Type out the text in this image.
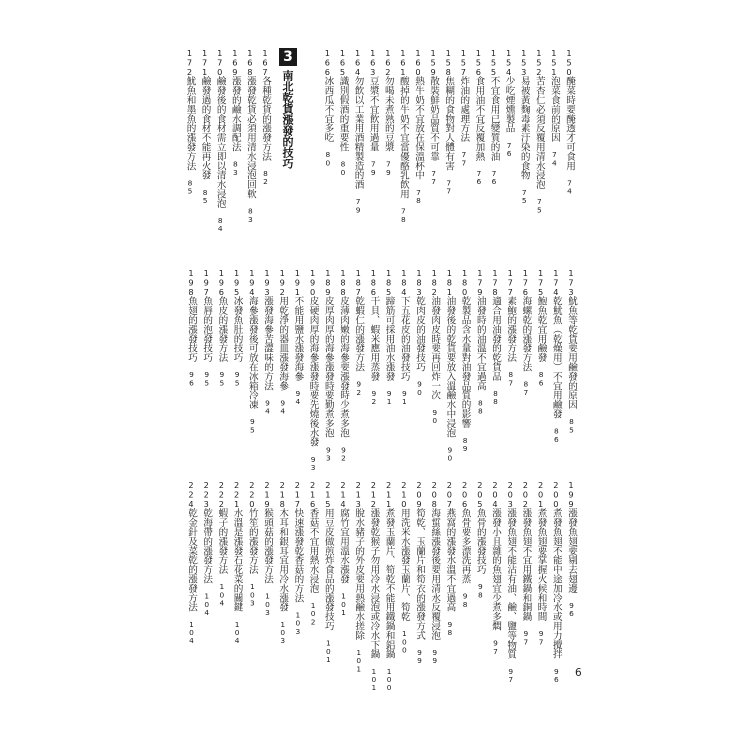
3
南北乾貨漲發的技巧
150醃菜時要醃透才可食用 74
151泡菜食前的原因 74
152苦杏仁必須反覆用清水浸泡 75
153易被黃麴毒素汙染的食物 75
154少吃煙燻製品 76
155不宜食用已變質的油 76
156食用油不宜反覆加熱 76
157炸油的處理方法 77
158焦糊的食物對人體有害 77
159散裝鮮奶品質不可靠 77
160熱牛奶不宜放在保溫杯中 78
161酸掉的牛奶不宜當優酪乳飲用 78
162勿喝未煮熟的豆漿 79
163豆漿不宜飲用過量 79
164勿飲以工業用酒精製造的酒 79
165識別假酒的重要性 80
166冰西瓜不宜多吃 80
167各種乾貨的漲發方法 82
168漲發乾貨必須用清水浸泡回軟 83
169漲發的鹼水調配法 83
170鹼發後的食材需立即以清水浸泡 84
171鹼發過的食材不能再火發 85
172魷魚和墨魚的漲發方法 85
173魷魚等乾貨要用鹼發的原因 85
174乾魷魚（乾燥用）不宜用鹼發 86
175鮑魚乾宜用鹼發 86
176海螺乾的漲發方法 87
177素鮑的漲發方法 87
178適合用油發的乾貨品 88
179油發時的油溫不宜過高 88
180乾製品含水量對油發品質的影響 89
181油發後的乾貨要放入溫鹼水中浸泡 90
182油發肉皮時要再回炸一次 90
183乾肉皮的油發技巧 90
184下五花皮的油發技巧 91
185蹄筋可採用油水漲發 91
186干貝、蝦米應用蒸發 92
187乾蝦仁的漲發方法 92
188皮薄肉嫩的海參要漲發時少煮多泡 92
189皮厚肉厚的海參漲發時要勤煮多泡 93
190皮硬肉厚的海參漲發時要先燒後水發 93
191不能用鹽水漲發海參 94
192用乾淨的器皿漲發海參 94
193漲發海參苦澀味的方法 94
194海參漲發後可放在冰箱冷凍 95
195冰發魚肚的技巧 95
196魚皮的漲發方法 95
197魚唇的泡發技巧 95
198魚翅的漲發技巧 96
199漲發魚翅要剔去翅邊 96
200煮發魚翅不能中途加冷水或用力攪拌 96
201煮發魚翅要掌握火候和時間 97
202漲發魚翅不宜用鐵鍋和銅鍋 97
203漲發魚翅不能沾有油、鹼、鹽等物質 97
204漲發小且雜的魚翅宜少煮多燜 97
205魚骨的漲發技巧 98
206魚骨要多漂洗再蒸 98
207燕窩的漲發水溫不宜過高 98
208海蜇絲漲發後要用清水反覆浸泡 99
209筍乾、玉蘭片和筍衣的漲發方式 99
210用洗米水漲發玉蘭片、筍乾 100
211煮發玉蘭片、筍乾不能用鐵鍋和鋁鍋 100
212漲發乾猴子勿用冷水浸泡或冷水下鍋 101
213脫水豬子的外皮要用熱鹼水搓除 101
214腐竹宜用溫水漲發 101
215用豆皮做煎炸食品的漲發技巧 101
216香菇不宜用熱水浸泡 102
217快速漲發乾香菇的方法 103
218木耳和銀耳宜用冷水漲發 103
219猴頭菇的漲發方法 103
220竹笙的漲發方法 103
221水溫是漲發石花菜的關鍵 104
222蝦子的漲發方法 104
223乾海帶的漲發方法 104
224乾金針及菜乾的漲發方法 104
6
